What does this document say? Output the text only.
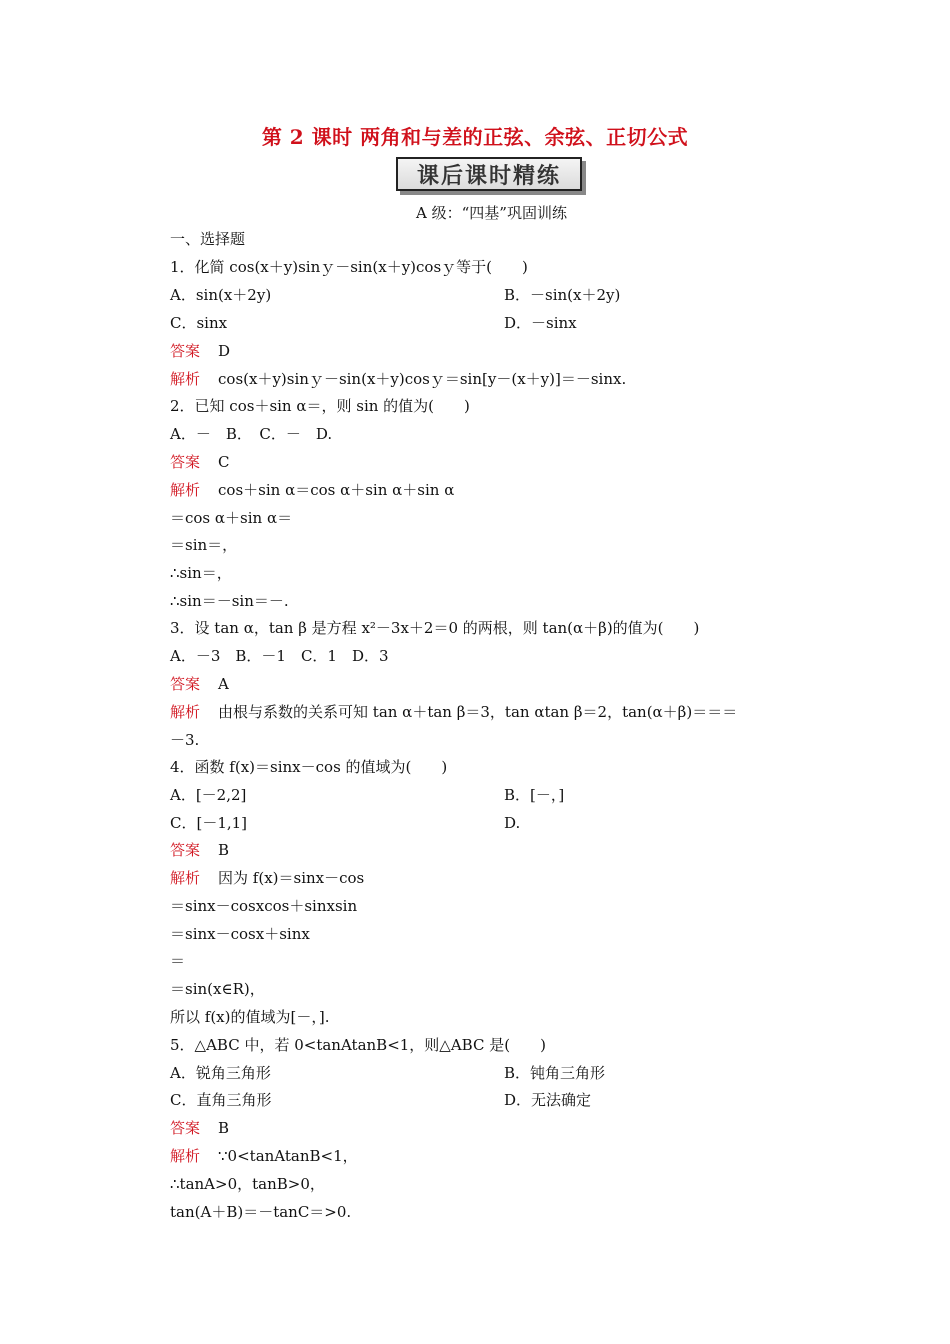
第 2 课时 两角和与差的正弦、余弦、正切公式
课后课时精练
A 级：“四基”巩固训练
一、选择题
1．化简 cos(x＋y)sinｙ－sin(x＋y)cosｙ等于(　　)
A．sin(x＋2y)	B．－sin(x＋2y)
C．sinx	D．－sinx
答案 D
解析 cos(x＋y)sinｙ－sin(x＋y)cosｙ＝sin[y－(x＋y)]＝－sinx.
2．已知 cos＋sin α＝，则 sin 的值为(　　)
A．－　B．　C．－　D.
答案 C
解析 cos＋sin α＝cos α＋sin α＋sin α
＝cos α＋sin α＝
＝sin＝，
∴sin＝，
∴sin＝－sin＝－.
3．设 tan α，tan β 是方程 x²－3x＋2＝0 的两根，则 tan(α＋β)的值为(　　)
A．－3　B．－1　C．1　D．3
答案 A
解析 由根与系数的关系可知 tan α＋tan β＝3，tan αtan β＝2，tan(α＋β)＝＝＝
－3.
4．函数 f(x)＝sinx－cos 的值域为(　　)
A．[－2,2]	B．[－，]
C．[－1,1]	D.
答案 B
解析 因为 f(x)＝sinx－cos
＝sinx－cosxcos＋sinxsin
＝sinx－cosx＋sinx
＝
＝sin(x∈R)，
所以 f(x)的值域为[－，].
5．△ABC 中，若 0<tanAtanB<1，则△ABC 是(　　)
A．锐角三角形	B．钝角三角形
C．直角三角形	D．无法确定
答案 B
解析 ∵0<tanAtanB<1，
∴tanA>0，tanB>0，
tan(A＋B)＝－tanC＝>0.
